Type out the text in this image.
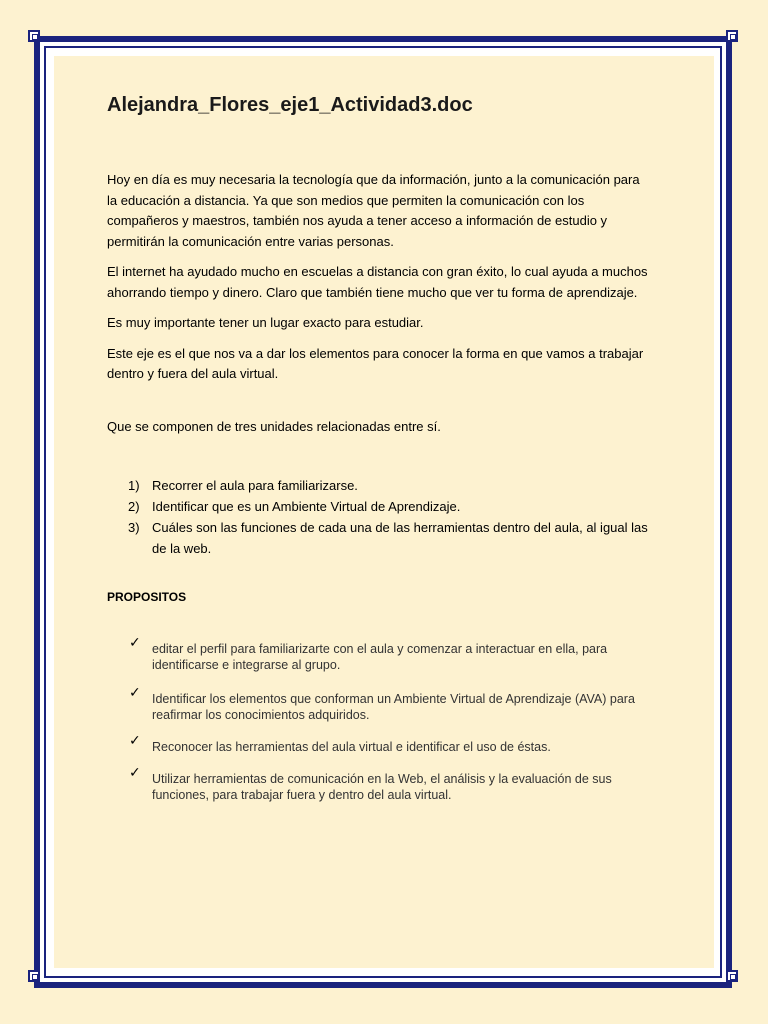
Alejandra_Flores_eje1_Actividad3.doc

Hoy en día es muy necesaria la tecnología que da información, junto a la comunicación para la educación a distancia. Ya que son medios que permiten la comunicación con los compañeros y maestros, también nos ayuda a tener acceso a información de estudio y permitirán la comunicación entre varias personas.

El internet ha ayudado mucho en escuelas a distancia con gran éxito, lo cual ayuda a muchos ahorrando tiempo y dinero. Claro que también tiene mucho que ver tu forma de aprendizaje.

Es muy importante tener un lugar exacto para estudiar.

Este eje es el que nos va a dar los elementos para conocer la forma en que vamos a trabajar dentro y fuera del aula virtual.

Que se componen de tres unidades relacionadas entre sí.

1) Recorrer el aula para familiarizarse.
2) Identificar que es un Ambiente Virtual de Aprendizaje.
3) Cuáles son las funciones de cada una de las herramientas dentro del aula, al igual las de la web.
PROPOSITOS
✓ editar el perfil para familiarizarte con el aula y comenzar a interactuar en ella, para identificarse e integrarse al grupo.
✓ Identificar los elementos que conforman un Ambiente Virtual de Aprendizaje (AVA) para reafirmar los conocimientos adquiridos.
✓ Reconocer las herramientas del aula virtual e identificar el uso de éstas.
✓ Utilizar herramientas de comunicación en la Web, el análisis y la evaluación de sus funciones, para trabajar fuera y dentro del aula virtual.
